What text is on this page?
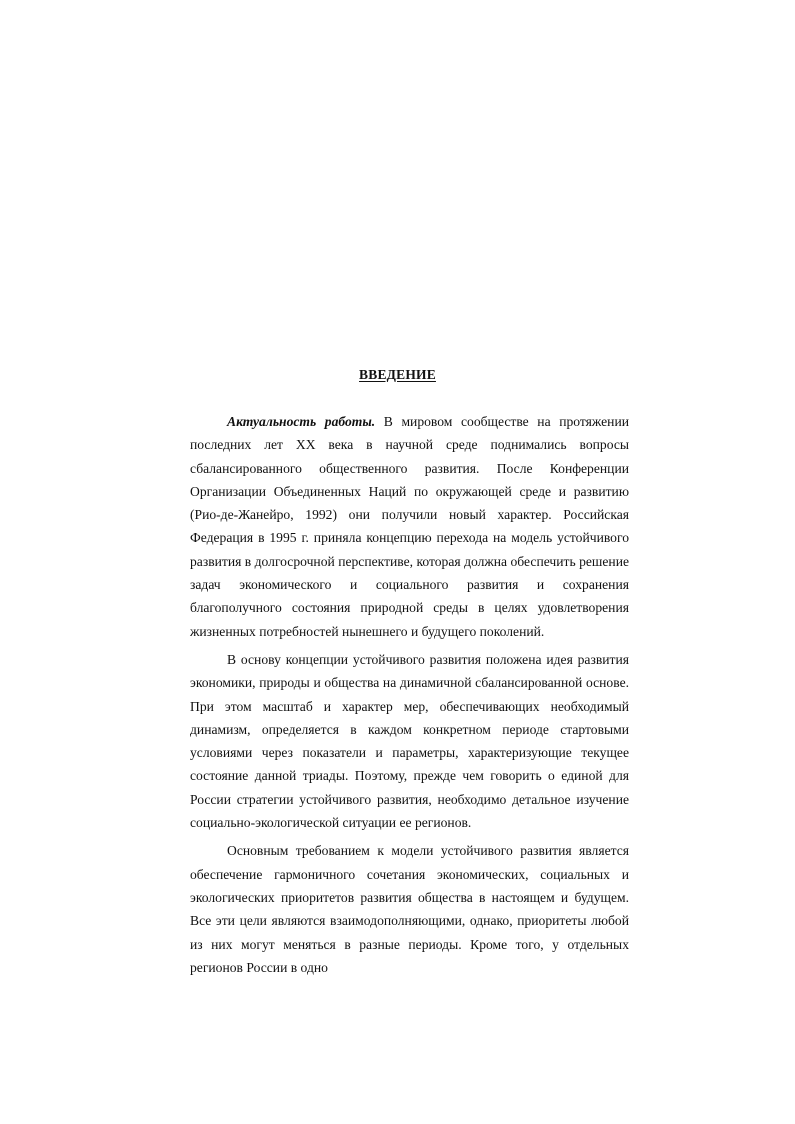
ВВЕДЕНИЕ

Актуальность работы. В мировом сообществе на протяжении последних лет XX века в научной среде поднимались вопросы сбалансированного общественного развития. После Конференции Организации Объединенных Наций по окружающей среде и развитию (Рио-де-Жанейро, 1992) они получили новый характер. Российская Федерация в 1995 г. приняла концепцию перехода на модель устойчивого развития в долгосрочной перспективе, которая должна обеспечить решение задач экономического и социального развития и сохранения благополучного состояния природной среды в целях удовлетворения жизненных потребностей нынешнего и будущего поколений.

В основу концепции устойчивого развития положена идея развития экономики, природы и общества на динамичной сбалансированной основе. При этом масштаб и характер мер, обеспечивающих необходимый динамизм, определяется в каждом конкретном периоде стартовыми условиями через показатели и параметры, характеризующие текущее состояние данной триады. Поэтому, прежде чем говорить о единой для России стратегии устойчивого развития, необходимо детальное изучение социально-экологической ситуации ее регионов.

Основным требованием к модели устойчивого развития является обеспечение гармоничного сочетания экономических, социальных и экологических приоритетов развития общества в настоящем и будущем. Все эти цели являются взаимодополняющими, однако, приоритеты любой из них могут меняться в разные периоды. Кроме того, у отдельных регионов России в одно
